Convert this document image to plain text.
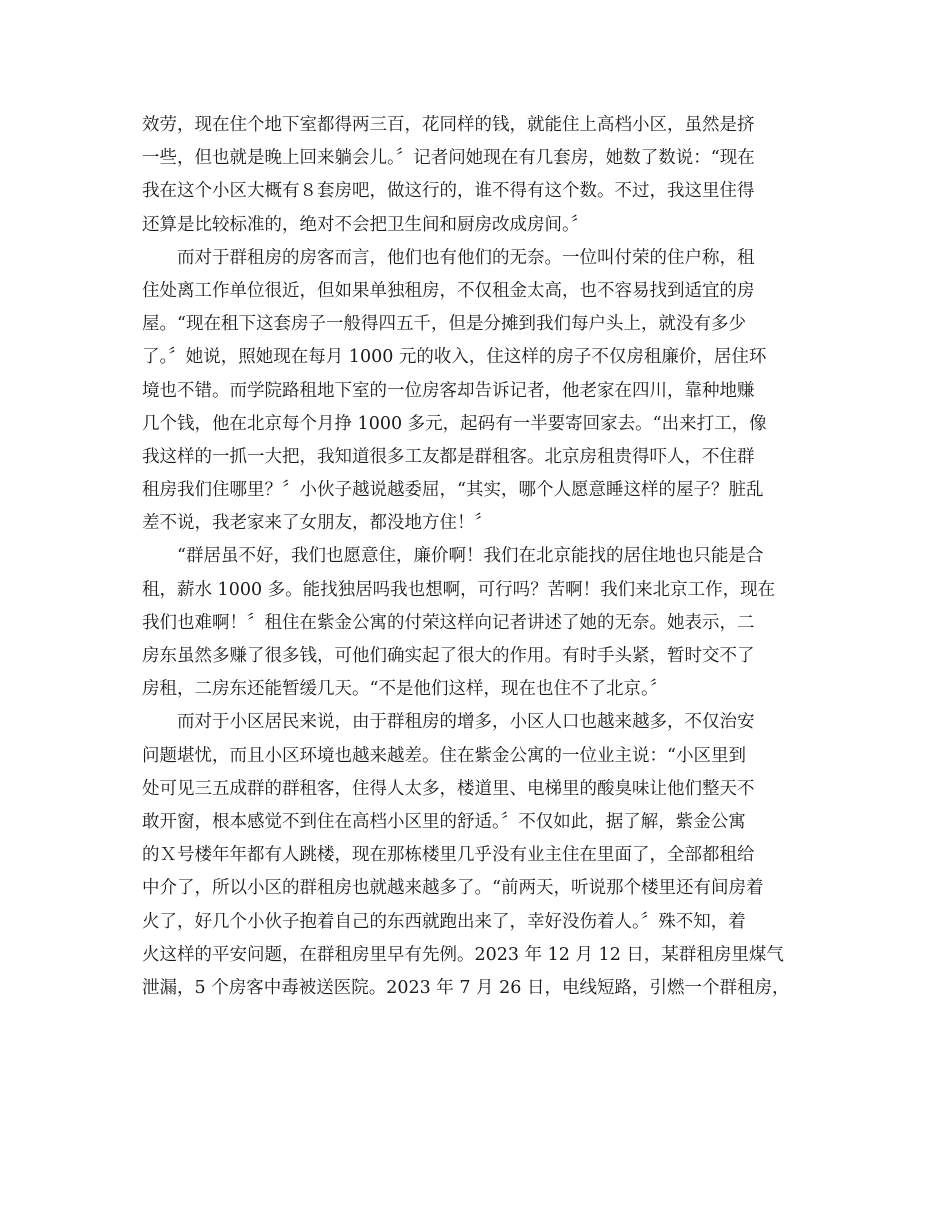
效劳，现在住个地下室都得两三百，花同样的钱，就能住上高档小区，虽然是挤
一些，但也就是晚上回来躺会儿。〞记者问她现在有几套房，她数了数说：“现在
我在这个小区大概有８套房吧，做这行的，谁不得有这个数。不过，我这里住得
还算是比较标准的，绝对不会把卫生间和厨房改成房间。〞
而对于群租房的房客而言，他们也有他们的无奈。一位叫付荣的住户称，租
住处离工作单位很近，但如果单独租房，不仅租金太高，也不容易找到适宜的房
屋。“现在租下这套房子一般得四五千，但是分摊到我们每户头上，就没有多少
了。〞她说，照她现在每月 1000 元的收入，住这样的房子不仅房租廉价，居住环
境也不错。而学院路租地下室的一位房客却告诉记者，他老家在四川，靠种地赚
几个钱，他在北京每个月挣 1000 多元，起码有一半要寄回家去。“出来打工，像
我这样的一抓一大把，我知道很多工友都是群租客。北京房租贵得吓人，不住群
租房我们住哪里？〞小伙子越说越委屈，“其实，哪个人愿意睡这样的屋子？脏乱
差不说，我老家来了女朋友，都没地方住！〞
“群居虽不好，我们也愿意住，廉价啊！我们在北京能找的居住地也只能是合
租，薪水 1000 多。能找独居吗我也想啊，可行吗？苦啊！我们来北京工作，现在
我们也难啊！〞租住在紫金公寓的付荣这样向记者讲述了她的无奈。她表示，二
房东虽然多赚了很多钱，可他们确实起了很大的作用。有时手头紧，暂时交不了
房租，二房东还能暂缓几天。“不是他们这样，现在也住不了北京。〞
而对于小区居民来说，由于群租房的增多，小区人口也越来越多，不仅治安
问题堪忧，而且小区环境也越来越差。住在紫金公寓的一位业主说：“小区里到
处可见三五成群的群租客，住得人太多，楼道里、电梯里的酸臭味让他们整天不
敢开窗，根本感觉不到住在高档小区里的舒适。〞不仅如此，据了解，紫金公寓
的Ｘ号楼年年都有人跳楼，现在那栋楼里几乎没有业主住在里面了，全部都租给
中介了，所以小区的群租房也就越来越多了。“前两天，听说那个楼里还有间房着
火了，好几个小伙子抱着自己的东西就跑出来了，幸好没伤着人。〞殊不知，着
火这样的平安问题，在群租房里早有先例。2023 年 12 月 12 日，某群租房里煤气
泄漏，5 个房客中毒被送医院。2023 年 7 月 26 日，电线短路，引燃一个群租房，
